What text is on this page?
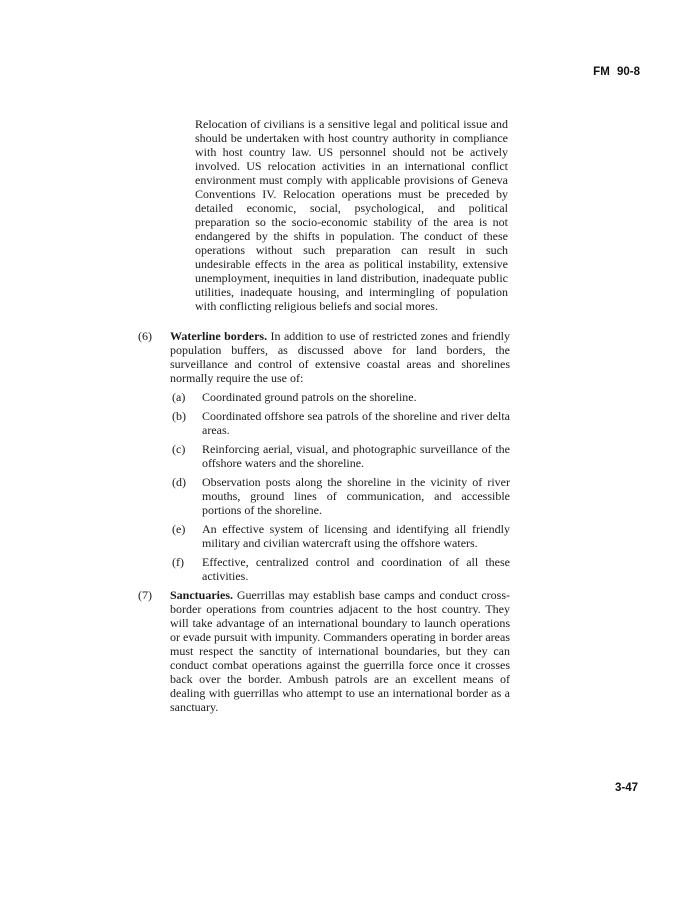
FM 90-8

Relocation of civilians is a sensitive legal and political issue and should be undertaken with host country authority in compliance with host country law. US personnel should not be actively involved. US relocation activities in an international conflict environment must comply with applicable provisions of Geneva Conventions IV. Relocation operations must be preceded by detailed economic, social, psychological, and political preparation so the socio-economic stability of the area is not endangered by the shifts in population. The conduct of these operations without such preparation can result in such undesirable effects in the area as political instability, extensive unemployment, inequities in land distribution, inadequate public utilities, inadequate housing, and intermingling of population with conflicting religious beliefs and social mores.

(6)	Waterline borders. In addition to use of restricted zones and friendly population buffers, as discussed above for land borders, the surveillance and control of extensive coastal areas and shorelines normally require the use of:
(a)	Coordinated ground patrols on the shoreline.
(b)	Coordinated offshore sea patrols of the shoreline and river delta areas.
(c)	Reinforcing aerial, visual, and photographic surveillance of the offshore waters and the shoreline.
(d)	Observation posts along the shoreline in the vicinity of river mouths, ground lines of communication, and accessible portions of the shoreline.
(e)	An effective system of licensing and identifying all friendly military and civilian watercraft using the offshore waters.
(f)	Effective, centralized control and coordination of all these activities.
(7)	Sanctuaries. Guerrillas may establish base camps and conduct cross-border operations from countries adjacent to the host country. They will take advantage of an international boundary to launch operations or evade pursuit with impunity. Commanders operating in border areas must respect the sanctity of international boundaries, but they can conduct combat operations against the guerrilla force once it crosses back over the border. Ambush patrols are an excellent means of dealing with guerrillas who attempt to use an international border as a sanctuary.
3-47
